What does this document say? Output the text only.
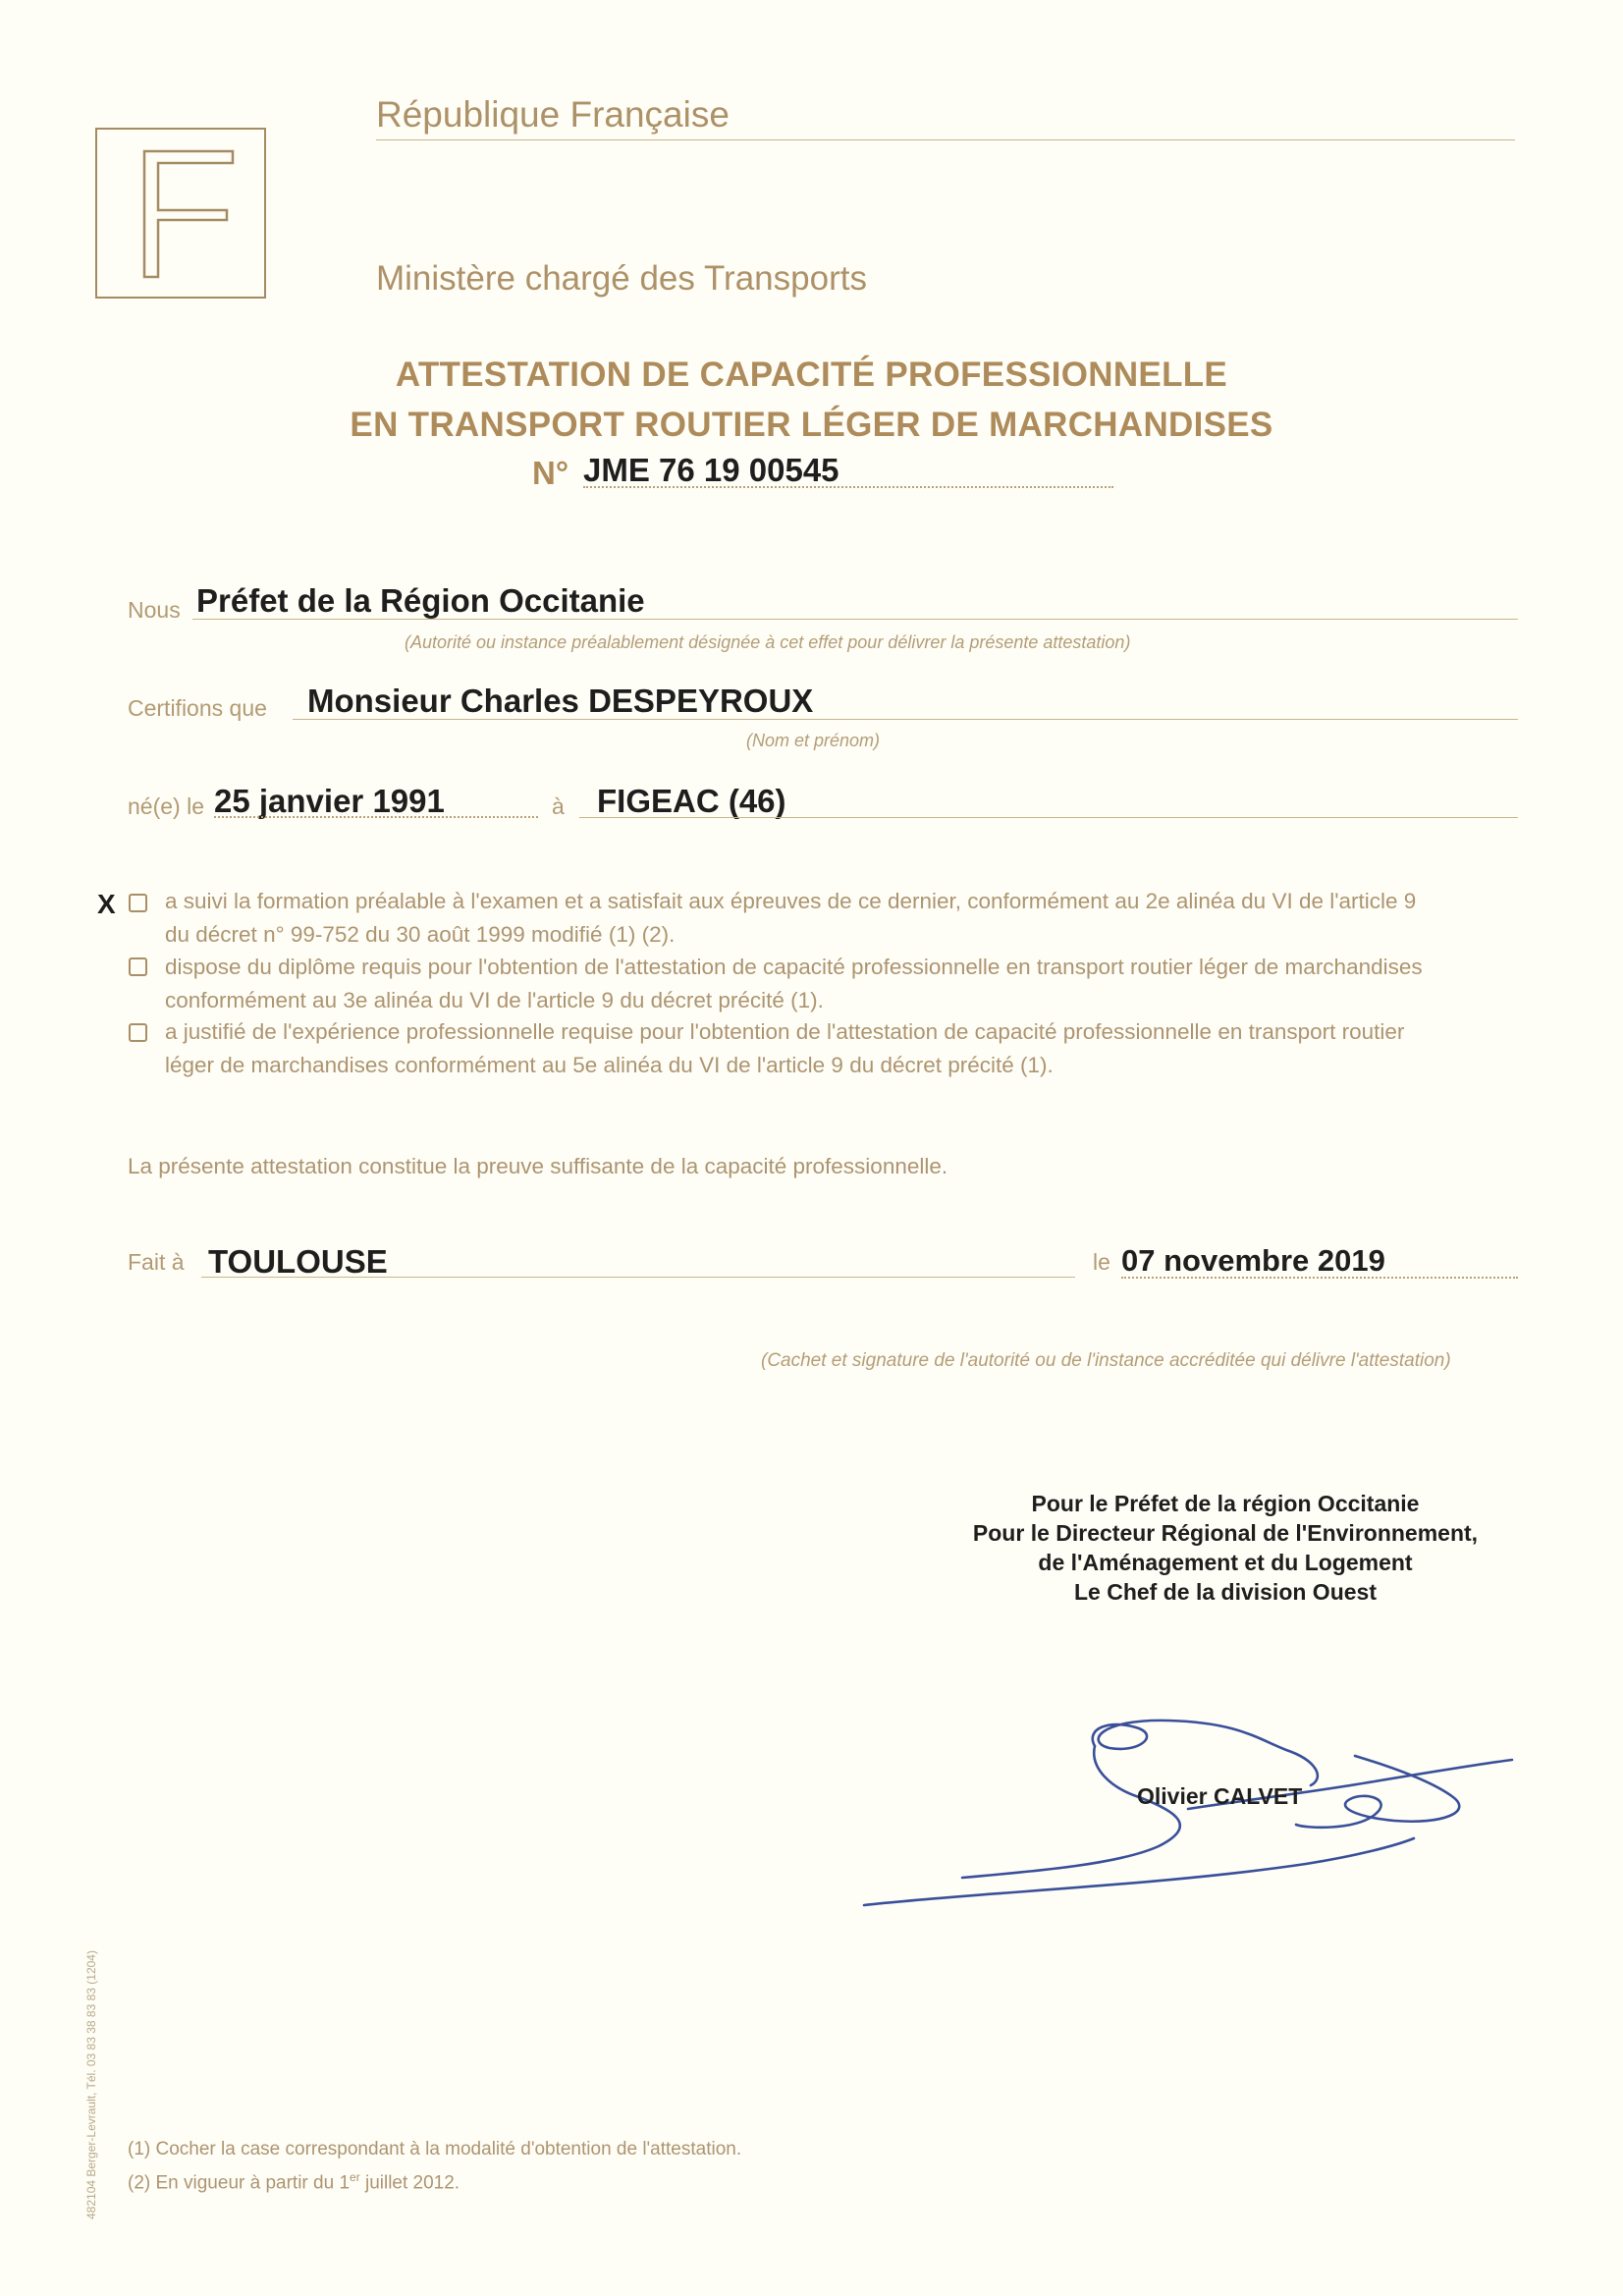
République Française
Ministère chargé des Transports
ATTESTATION DE CAPACITÉ PROFESSIONNELLE
EN TRANSPORT ROUTIER LÉGER DE MARCHANDISES
N° JME 76 19 00545
Nous Préfet de la Région Occitanie
(Autorité ou instance préalablement désignée à cet effet pour délivrer la présente attestation)
Certifions que Monsieur Charles DESPEYROUX
(Nom et prénom)
né(e) le 25 janvier 1991	à FIGEAC (46)
X a suivi la formation préalable à l'examen et a satisfait aux épreuves de ce dernier, conformément au 2e alinéa du VI de l'article 9
du décret n° 99-752 du 30 août 1999 modifié (1) (2).
dispose du diplôme requis pour l'obtention de l'attestation de capacité professionnelle en transport routier léger de marchandises
conformément au 3e alinéa du VI de l'article 9 du décret précité (1).
a justifié de l'expérience professionnelle requise pour l'obtention de l'attestation de capacité professionnelle en transport routier
léger de marchandises conformément au 5e alinéa du VI de l'article 9 du décret précité (1).
La présente attestation constitue la preuve suffisante de la capacité professionnelle.
Fait à TOULOUSE	le 07 novembre 2019
(Cachet et signature de l'autorité ou de l'instance accréditée qui délivre l'attestation)
Pour le Préfet de la région Occitanie
Pour le Directeur Régional de l'Environnement,
de l'Aménagement et du Logement
Le Chef de la division Ouest
Olivier CALVET
482104 Berger-Levrault, Tél. 03 83 38 83 83 (1204) (1) Cocher la case correspondant à la modalité d'obtention de l'attestation.
(2) En vigueur à partir du 1er juillet 2012.
